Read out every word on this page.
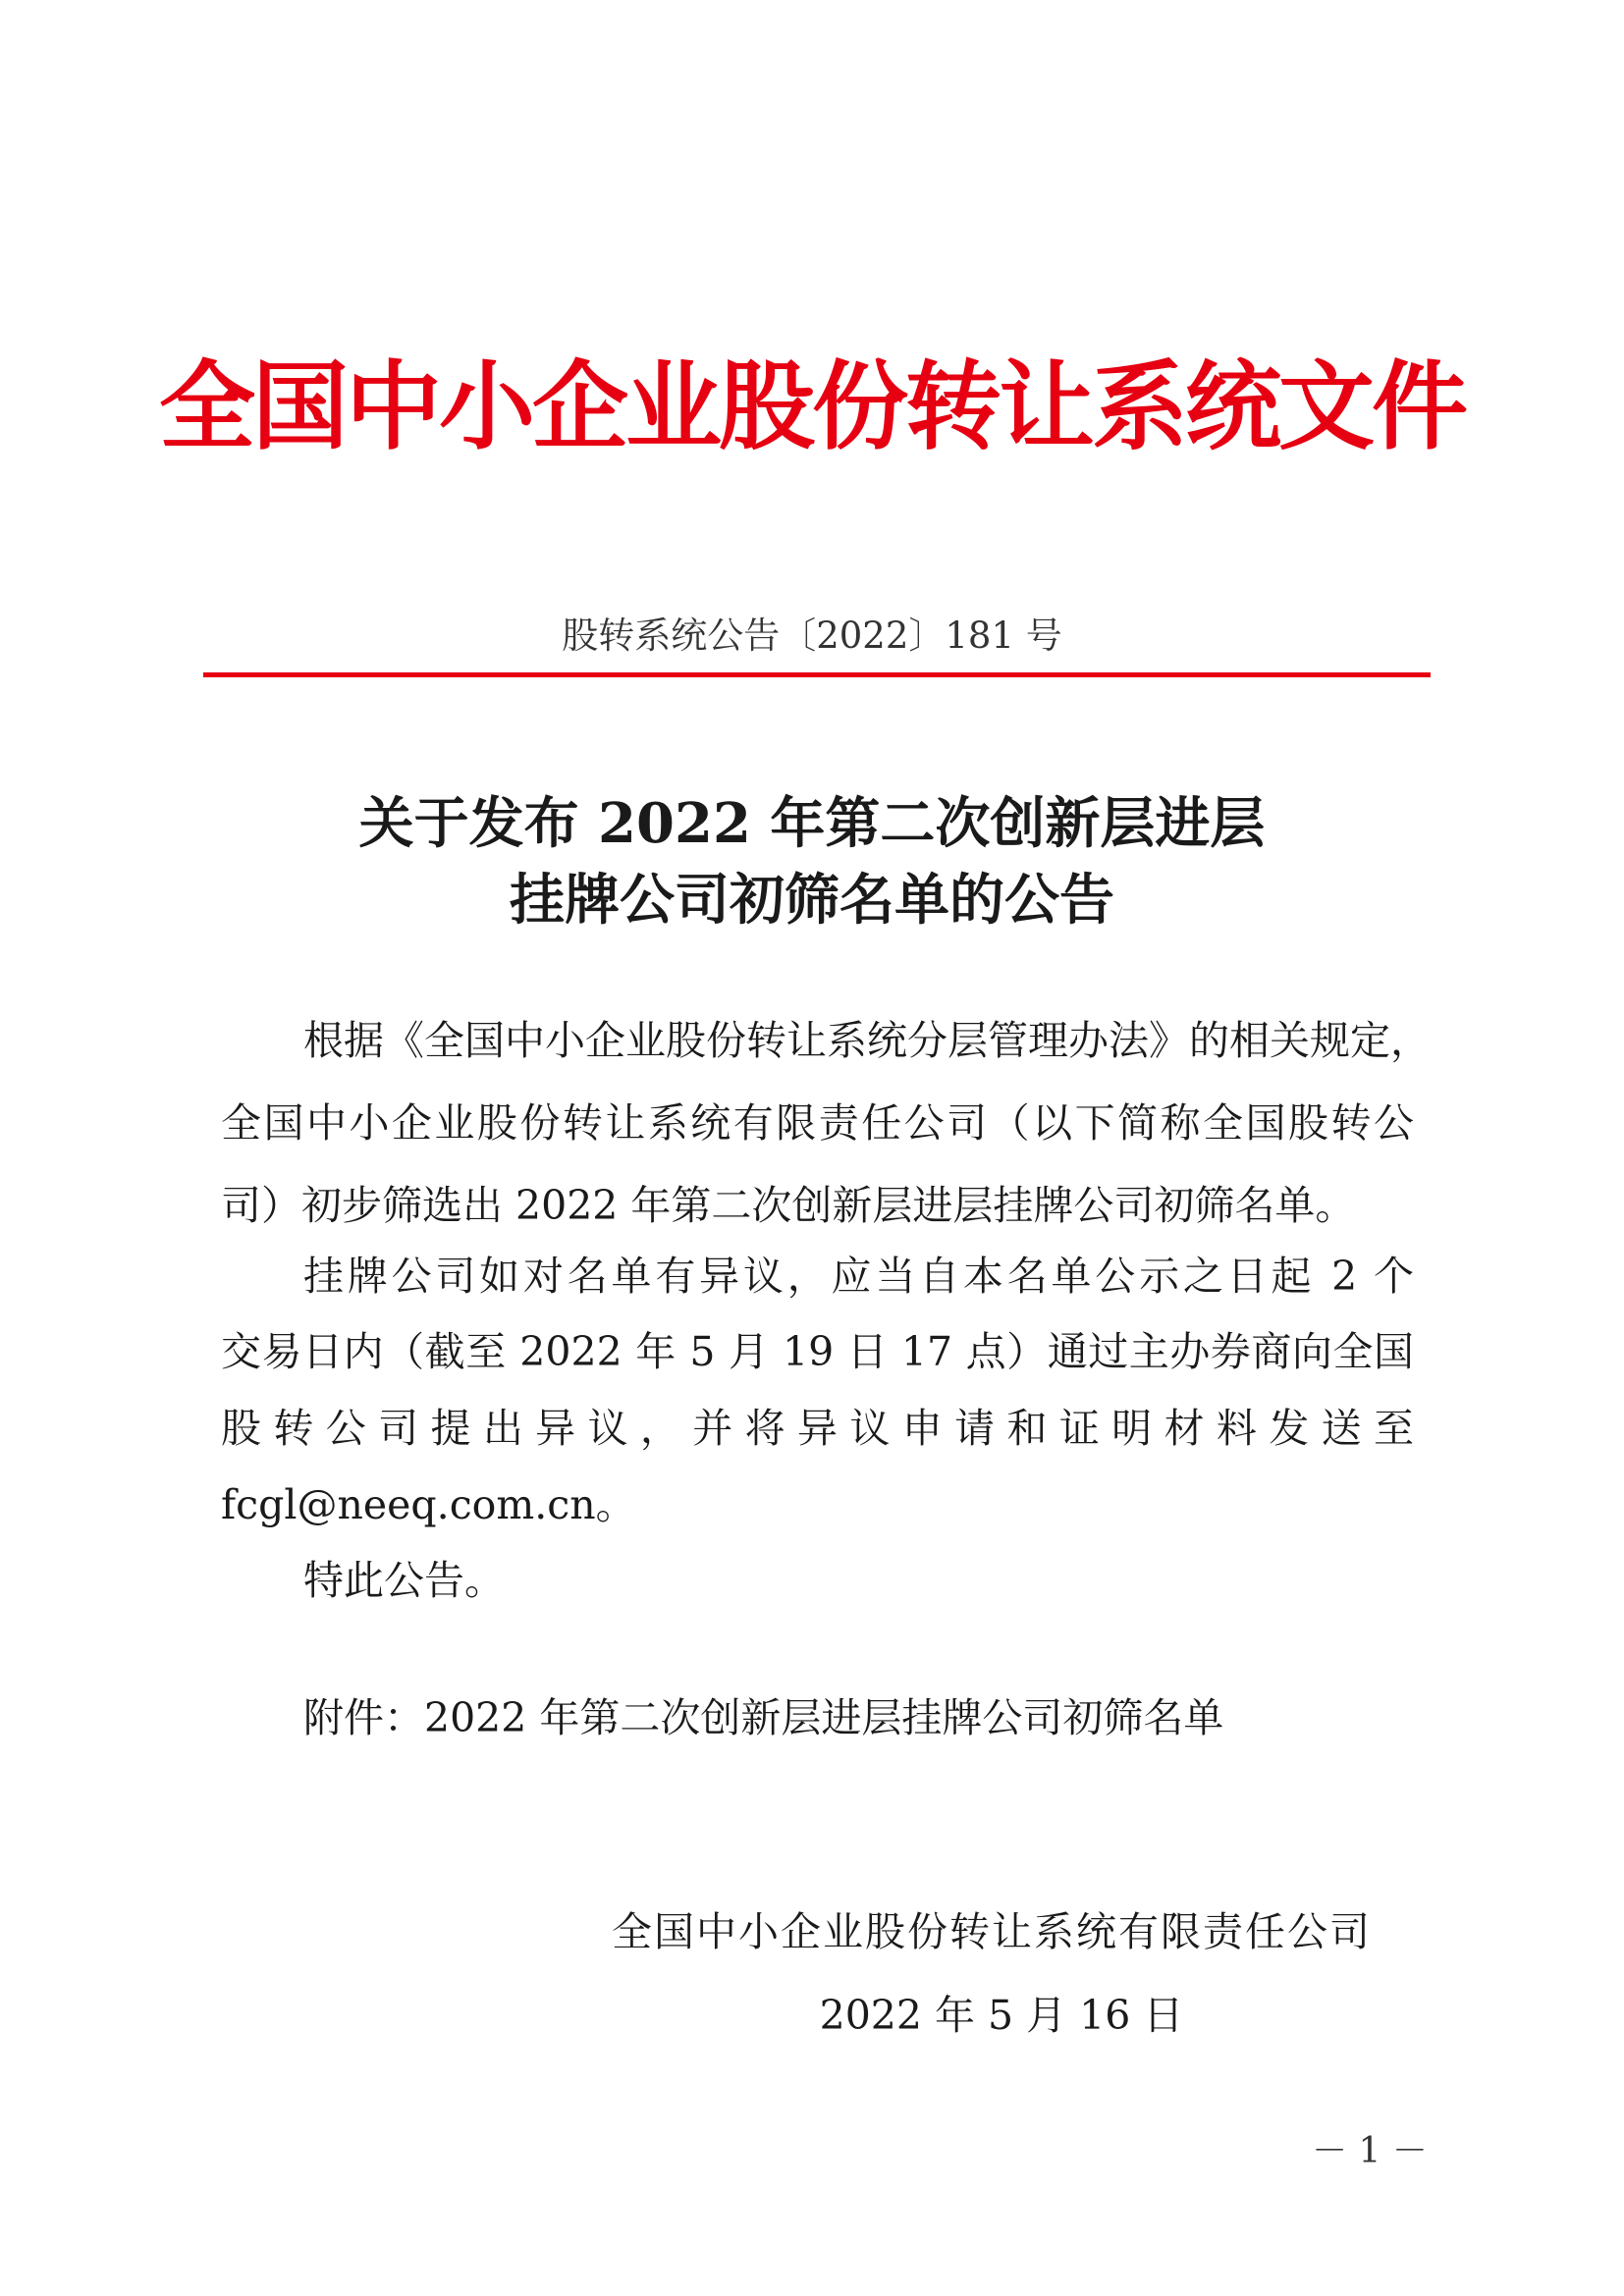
全国中小企业股份转让系统文件
股转系统公告〔2022〕181 号
关于发布 2022 年第二次创新层进层
挂牌公司初筛名单的公告
根据《全国中小企业股份转让系统分层管理办法》的相关规定，
全国中小企业股份转让系统有限责任公司（以下简称全国股转公
司）初步筛选出 2022 年第二次创新层进层挂牌公司初筛名单。
挂牌公司如对名单有异议，应当自本名单公示之日起 2 个
交易日内（截至 2022 年 5 月 19 日 17 点）通过主办券商向全国
股转公司提出异议，并将异议申请和证明材料发送至
fcgl@neeq.com.cn。
特此公告。
附件：2022 年第二次创新层进层挂牌公司初筛名单
全国中小企业股份转让系统有限责任公司
2022 年 5 月 16 日
－ 1 －
